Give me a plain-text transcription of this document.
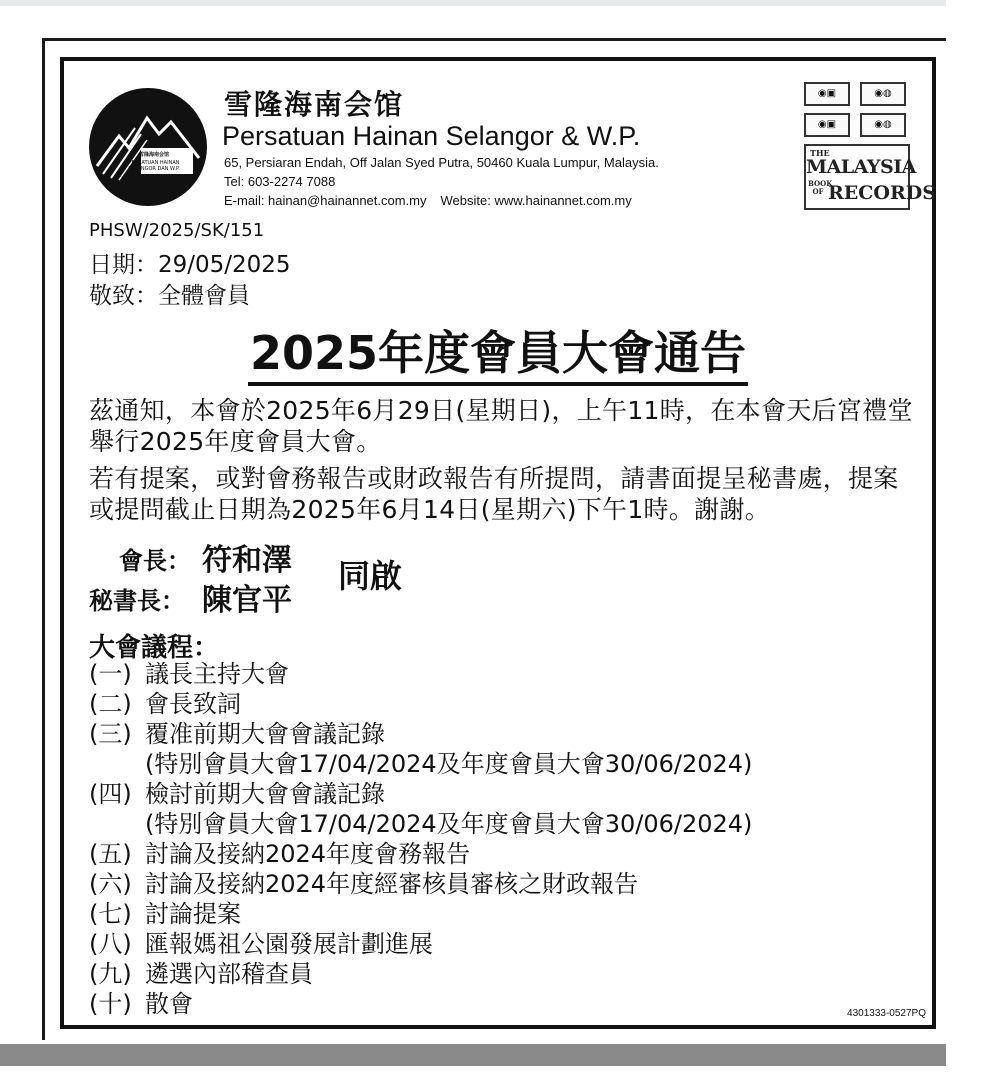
雪隆海南会馆
PERSATUAN HAINAN
SELANGOR DAN W.P.
雪隆海南会馆
Persatuan Hainan Selangor & W.P.
65, Persiaran Endah, Off Jalan Syed Putra, 50460 Kuala Lumpur, Malaysia.
Tel: 603-2274 7088
E-mail: hainan@hainannet.com.my Website: www.hainannet.com.my
◉▣	◉◍
◉▣	◉◍
THE
MALAYSIA
BOOK OF RECORDS
PHSW/2025/SK/151
日期：29/05/2025
敬致：全體會員
2025年度會員大會通告
茲通知，本會於2025年6月29日(星期日)，上午11時，在本會天后宮禮堂舉行2025年度會員大會。
若有提案，或對會務報告或財政報告有所提問，請書面提呈秘書處，提案或提問截止日期為2025年6月14日(星期六)下午1時。謝謝。
會長： 符和澤
秘書長： 陳官平
同啟
大會議程：
(一) 議長主持大會
(二) 會長致詞
(三) 覆准前期大會會議記錄
(特別會員大會17/04/2024及年度會員大會30/06/2024)
(四) 檢討前期大會會議記錄
(特別會員大會17/04/2024及年度會員大會30/06/2024)
(五) 討論及接納2024年度會務報告
(六) 討論及接納2024年度經審核員審核之財政報告
(七) 討論提案
(八) 匯報媽祖公園發展計劃進展
(九) 遴選內部稽查員
(十) 散會	4301333-0527PQ
